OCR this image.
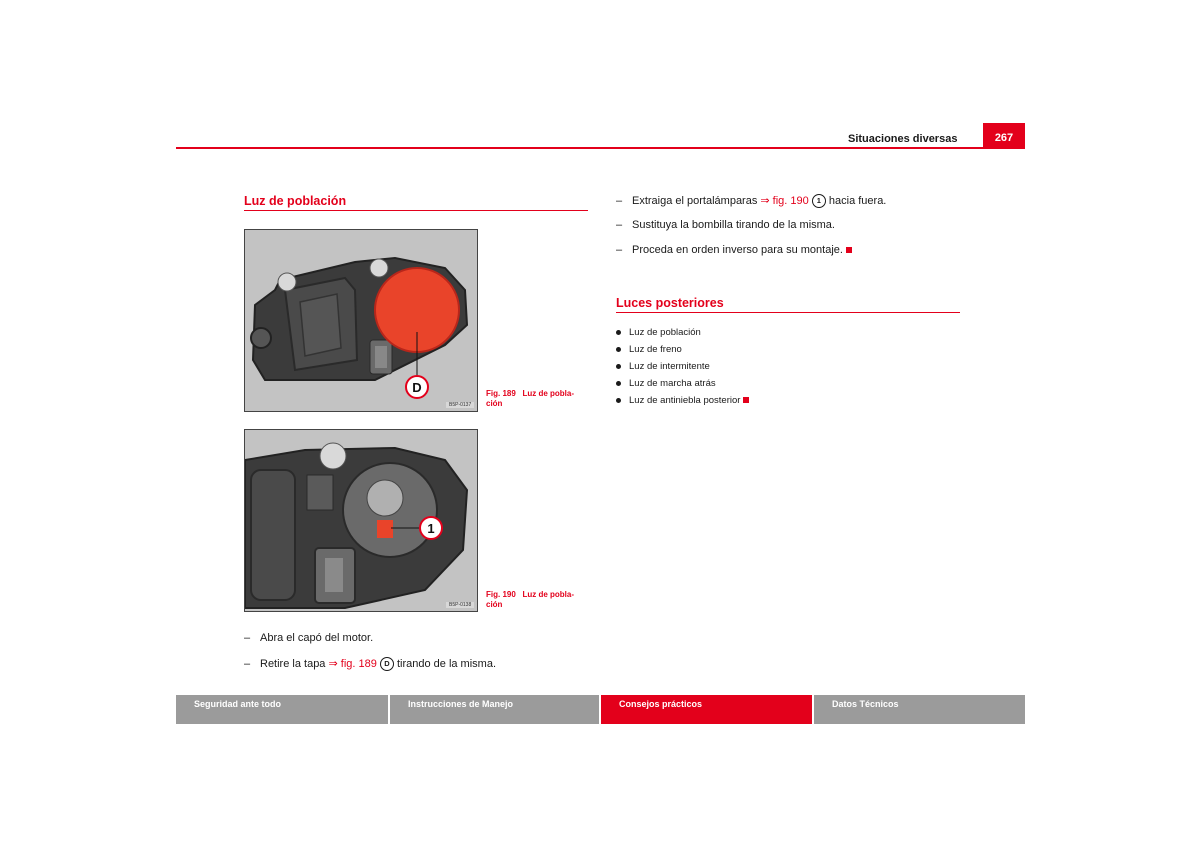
Situaciones diversas	267
Luz de población
D
B5P-0137
Fig. 189   Luz de pobla-
ción
1
B5P-0138
Fig. 190   Luz de pobla-
ción
– Abra el capó del motor.
– Retire la tapa ⇒ fig. 189 D tirando de la misma.
– Extraiga el portalámparas ⇒ fig. 190 1 hacia fuera.
– Sustituya la bombilla tirando de la misma.
– Proceda en orden inverso para su montaje.
Luces posteriores
Luz de población
Luz de freno
Luz de intermitente
Luz de marcha atrás
Luz de antiniebla posterior
Seguridad ante todo	Instrucciones de Manejo	Consejos prácticos	Datos Técnicos
